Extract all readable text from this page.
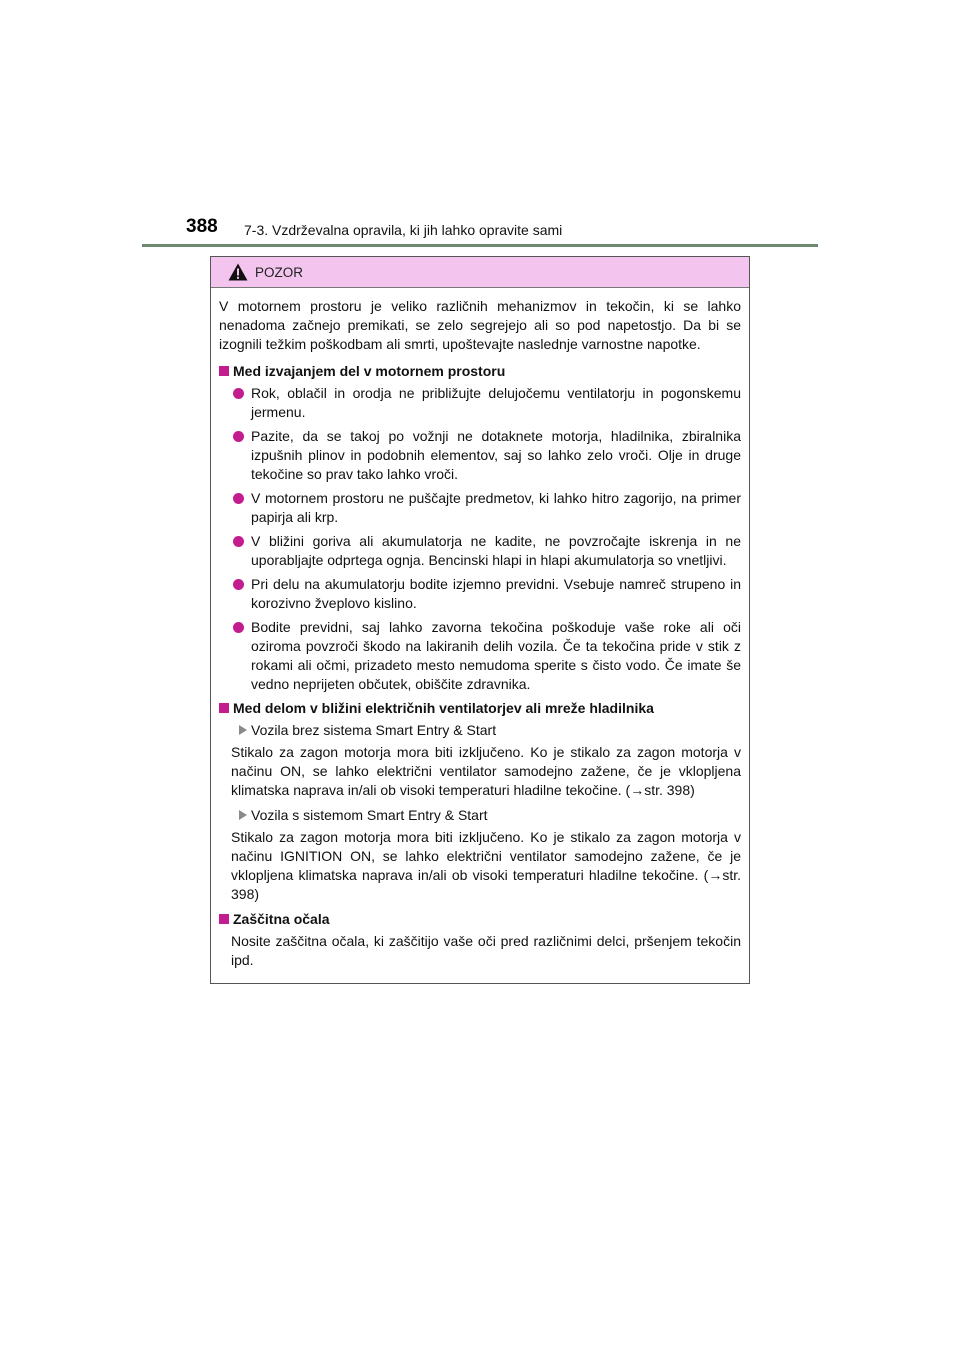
388 7-3. Vzdrževalna opravila, ki jih lahko opravite sami
POZOR

V motornem prostoru je veliko različnih mehanizmov in tekočin, ki se lahko nenadoma začnejo premikati, se zelo segrejejo ali so pod napetostjo. Da bi se izognili težkim poškodbam ali smrti, upoštevajte naslednje varnostne napotke.

Med izvajanjem del v motornem prostoru

Rok, oblačil in orodja ne približujte delujočemu ventilatorju in pogonskemu jermenu.

Pazite, da se takoj po vožnji ne dotaknete motorja, hladilnika, zbiralnika izpušnih plinov in podobnih elementov, saj so lahko zelo vroči. Olje in druge tekočine so prav tako lahko vroči.

V motornem prostoru ne puščajte predmetov, ki lahko hitro zagorijo, na primer papirja ali krp.

V bližini goriva ali akumulatorja ne kadite, ne povzročajte iskrenja in ne uporabljajte odprtega ognja. Bencinski hlapi in hlapi akumulatorja so vnetljivi.

Pri delu na akumulatorju bodite izjemno previdni. Vsebuje namreč strupeno in korozivno žveplovo kislino.

Bodite previdni, saj lahko zavorna tekočina poškoduje vaše roke ali oči oziroma povzroči škodo na lakiranih delih vozila. Če ta tekočina pride v stik z rokami ali očmi, prizadeto mesto nemudoma sperite s čisto vodo. Če imate še vedno neprijeten občutek, obiščite zdravnika.

Med delom v bližini električnih ventilatorjev ali mreže hladilnika

Vozila brez sistema Smart Entry & Start

Stikalo za zagon motorja mora biti izključeno. Ko je stikalo za zagon motorja v načinu ON, se lahko električni ventilator samodejno zažene, če je vklopljena klimatska naprava in/ali ob visoki temperaturi hladilne tekočine. (→str. 398)

Vozila s sistemom Smart Entry & Start

Stikalo za zagon motorja mora biti izključeno. Ko je stikalo za zagon motorja v načinu IGNITION ON, se lahko električni ventilator samodejno zažene, če je vklopljena klimatska naprava in/ali ob visoki temperaturi hladilne tekočine. (→str. 398)

Zaščitna očala

Nosite zaščitna očala, ki zaščitijo vaše oči pred različnimi delci, pršenjem tekočin ipd.
